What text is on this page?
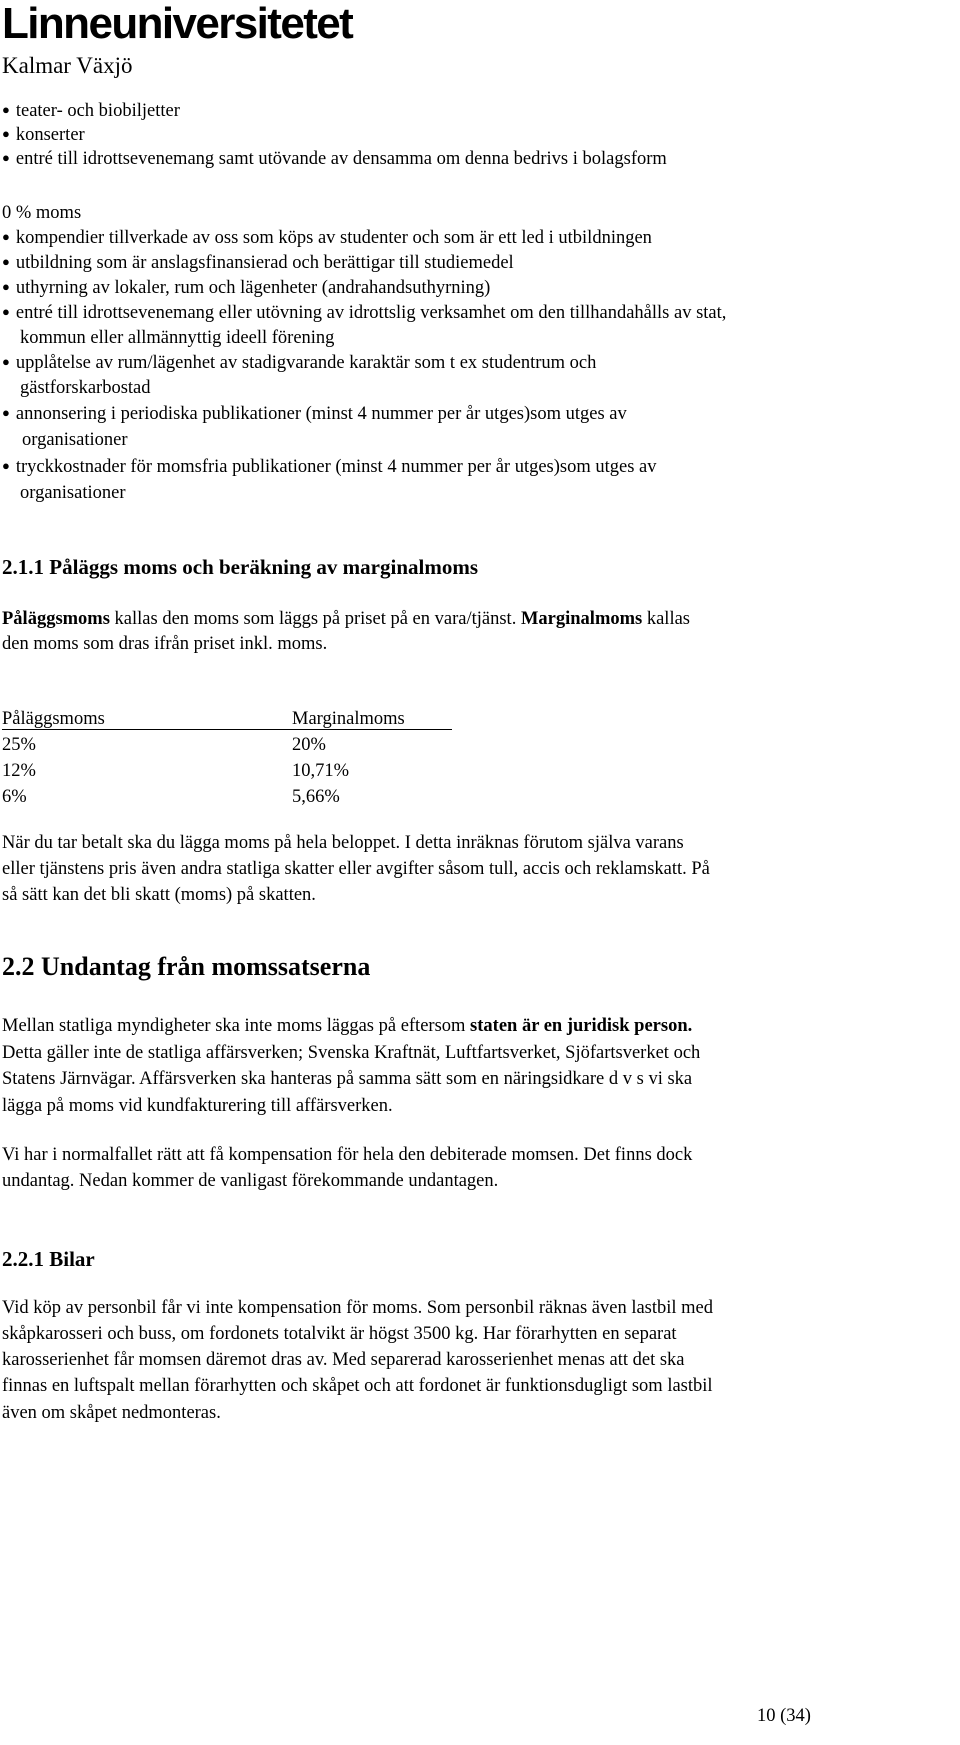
Linneuniversitetet
Kalmar Växjö
● teater- och biobiljetter
● konserter
● entré till idrottsevenemang samt utövande av densamma om denna bedrivs i bolagsform
0 % moms
● kompendier tillverkade av oss som köps av studenter och som är ett led i utbildningen
● utbildning som är anslagsfinansierad och berättigar till studiemedel
● uthyrning av lokaler, rum och lägenheter (andrahandsuthyrning)
● entré till idrottsevenemang eller utövning av idrottslig verksamhet om den tillhandahålls av stat,
kommun eller allmännyttig ideell förening
● upplåtelse av rum/lägenhet av stadigvarande karaktär som t ex studentrum och
gästforskarbostad
● annonsering i periodiska publikationer (minst 4 nummer per år utges)som utges av
organisationer
● tryckkostnader för momsfria publikationer (minst 4 nummer per år utges)som utges av
organisationer
2.1.1 Påläggs moms och beräkning av marginalmoms
Påläggsmoms kallas den moms som läggs på priset på en vara/tjänst. Marginalmoms kallas
den moms som dras ifrån priset inkl. moms.
Påläggsmoms	Marginalmoms
25%	20%
12%	10,71%
6%	5,66%
När du tar betalt ska du lägga moms på hela beloppet. I detta inräknas förutom själva varans
eller tjänstens pris även andra statliga skatter eller avgifter såsom tull, accis och reklamskatt. På
så sätt kan det bli skatt (moms) på skatten.
2.2 Undantag från momssatserna
Mellan statliga myndigheter ska inte moms läggas på eftersom staten är en juridisk person.
Detta gäller inte de statliga affärsverken; Svenska Kraftnät, Luftfartsverket, Sjöfartsverket och
Statens Järnvägar. Affärsverken ska hanteras på samma sätt som en näringsidkare d v s vi ska
lägga på moms vid kundfakturering till affärsverken.
Vi har i normalfallet rätt att få kompensation för hela den debiterade momsen. Det finns dock
undantag. Nedan kommer de vanligast förekommande undantagen.
2.2.1 Bilar
Vid köp av personbil får vi inte kompensation för moms. Som personbil räknas även lastbil med
skåpkarosseri och buss, om fordonets totalvikt är högst 3500 kg. Har förarhytten en separat
karosserienhet får momsen däremot dras av. Med separerad karosserienhet menas att det ska
finnas en luftspalt mellan förarhytten och skåpet och att fordonet är funktionsdugligt som lastbil
även om skåpet nedmonteras.
10 (34)
